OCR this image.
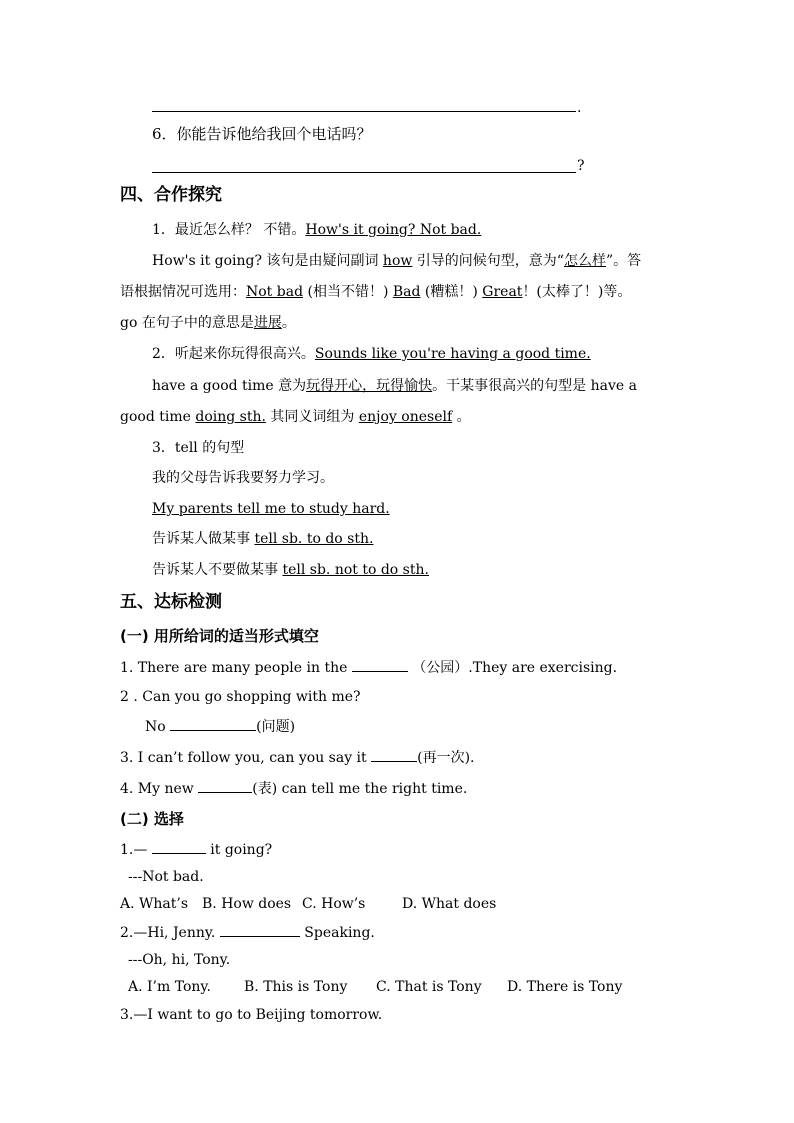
.
6．你能告诉他给我回个电话吗？
?
四、合作探究
1．最近怎么样？ 不错。How's it going? Not bad.
How's it going? 该句是由疑问副词 how 引导的问候句型，意为“怎么样”。答
语根据情况可选用：Not bad (相当不错！) Bad (糟糕！) Great！(太棒了！)等。
go 在句子中的意思是进展。
2．听起来你玩得很高兴。Sounds like you're having a good time.
have a good time 意为玩得开心，玩得愉快。干某事很高兴的句型是 have a
good time doing sth. 其同义词组为 enjoy oneself 。
3．tell 的句型
我的父母告诉我要努力学习。
My parents tell me to study hard.
告诉某人做某事 tell sb. to do sth.
告诉某人不要做某事 tell sb. not to do sth.
五、达标检测
(一) 用所给词的适当形式填空
1. There are many people in the	（公园）.They are exercising.
2 . Can you go shopping with me?
No	(问题)
3. I can’t follow you, can you say it	(再一次).
4. My new	(表) can tell me the right time.
(二) 选择
1.—	it going?
---Not bad.
A. What’s B. How does C. How’s	D. What does
2.—Hi, Jenny.	Speaking.
---Oh, hi, Tony.
A. I’m Tony. B. This is Tony C. That is Tony D. There is Tony
3.—I want to go to Beijing tomorrow.
